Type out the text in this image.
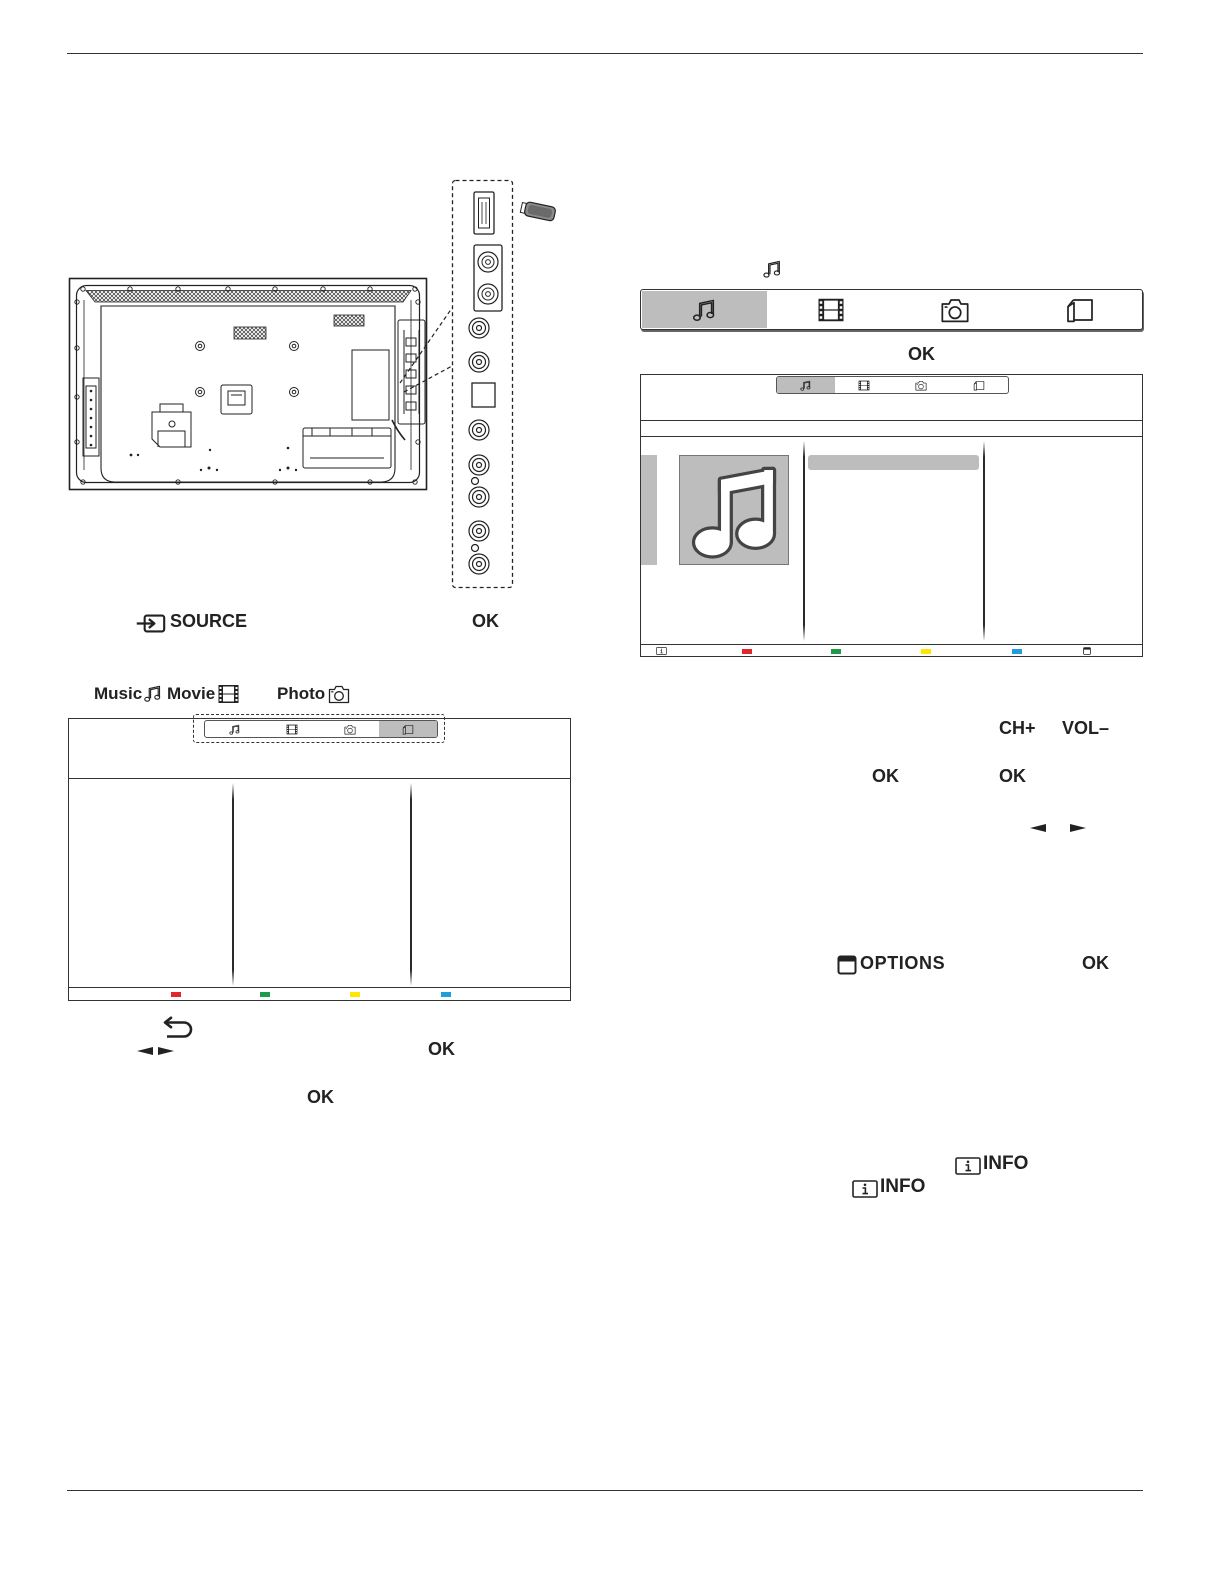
SOURCE	OK
Music Movie	Photo
OK
OK
OK
CH+ VOL–
OK	OK
OPTIONS	OK
INFO
INFO
